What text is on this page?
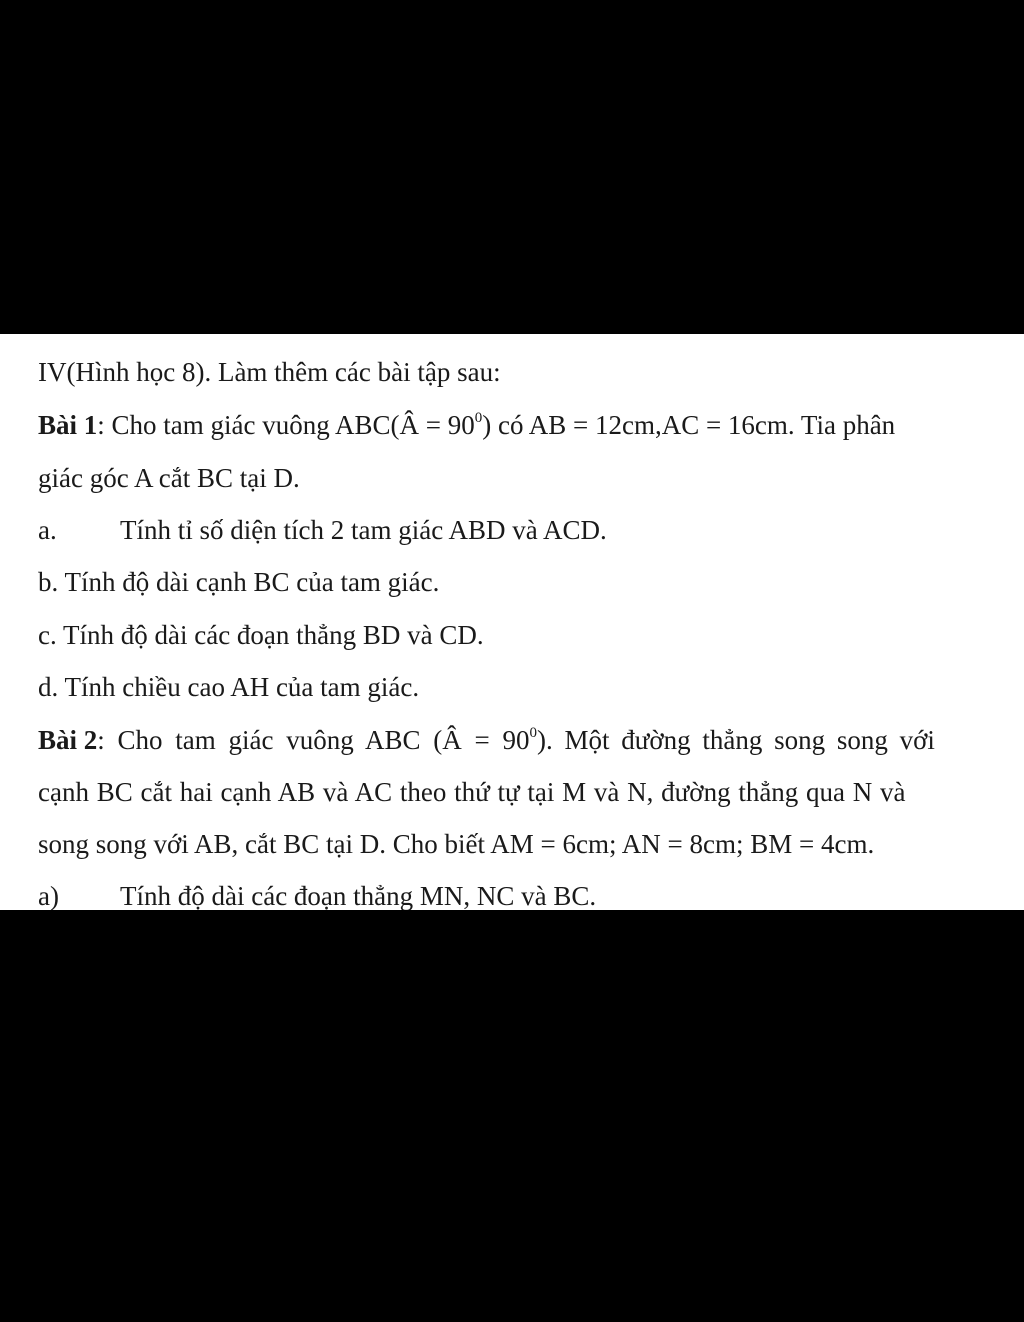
IV(Hình học 8). Làm thêm các bài tập sau:
Bài 1: Cho tam giác vuông ABC(Â = $90^0$) có AB = 12cm,AC = 16cm. Tia phân
giác góc A cắt BC tại D.
a. Tính tỉ số diện tích 2 tam giác ABD và ACD.
b. Tính độ dài cạnh BC của tam giác.
c. Tính độ dài các đoạn thẳng BD và CD.
d. Tính chiều cao AH của tam giác.
Bài 2: Cho tam giác vuông ABC (Â = $90^0$). Một đường thẳng song song với
cạnh BC cắt hai cạnh AB và AC theo thứ tự tại M và N, đường thẳng qua N và
song song với AB, cắt BC tại D. Cho biết AM = 6cm; AN = 8cm; BM = 4cm.
a) Tính độ dài các đoạn thẳng MN, NC và BC.
